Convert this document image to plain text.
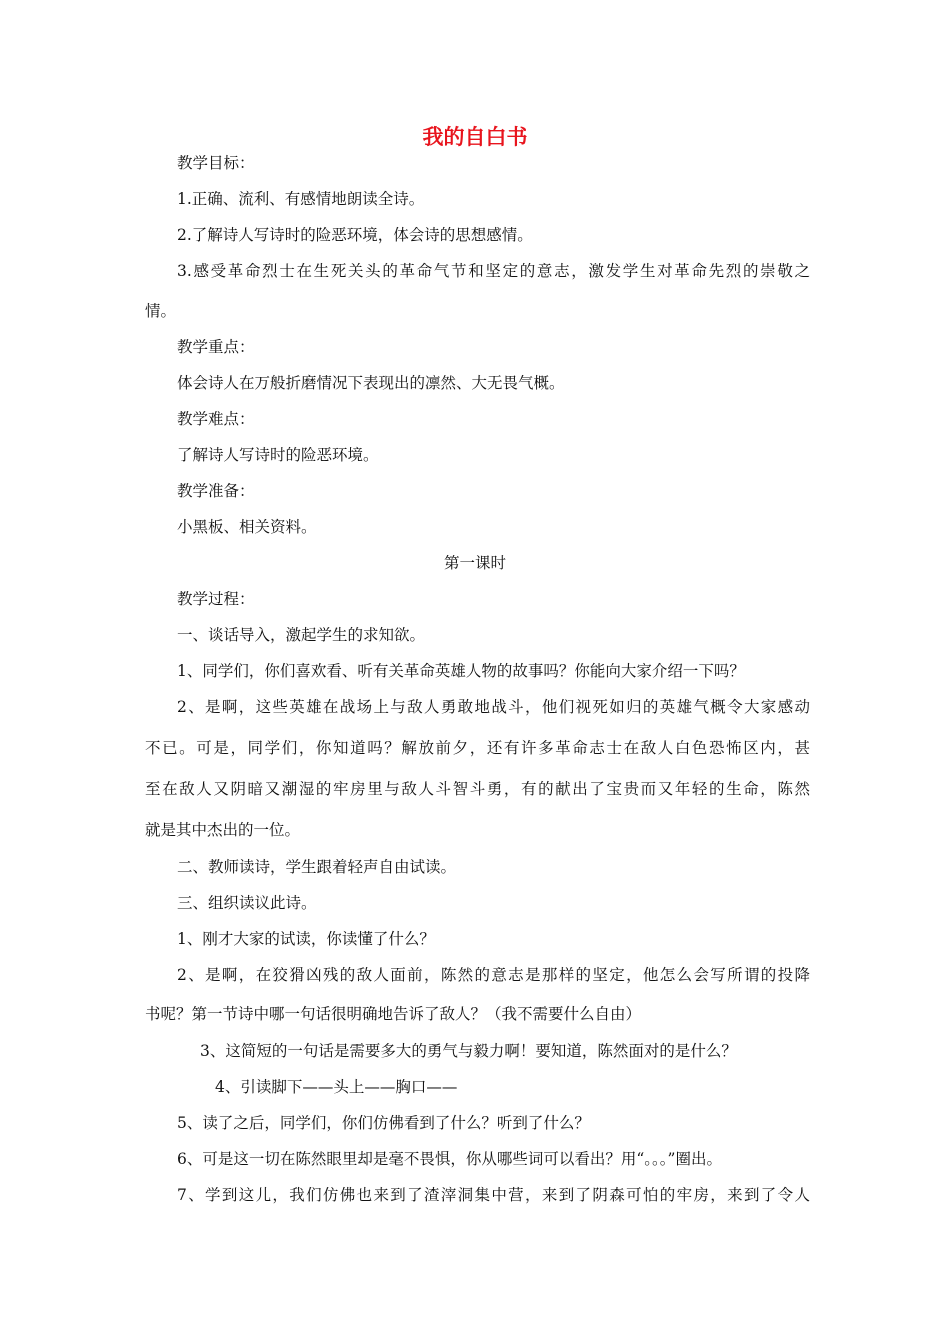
我的自白书
教学目标：
1.正确、流利、有感情地朗读全诗。
2.了解诗人写诗时的险恶环境，体会诗的思想感情。
3.感受革命烈士在生死关头的革命气节和坚定的意志，激发学生对革命先烈的崇敬之
情。
教学重点：
体会诗人在万般折磨情况下表现出的凛然、大无畏气概。
教学难点：
了解诗人写诗时的险恶环境。
教学准备：
小黑板、相关资料。
第一课时
教学过程：
一、谈话导入，激起学生的求知欲。
1、同学们，你们喜欢看、听有关革命英雄人物的故事吗？你能向大家介绍一下吗？
2、是啊，这些英雄在战场上与敌人勇敢地战斗，他们视死如归的英雄气概令大家感动
不已。可是，同学们，你知道吗？解放前夕，还有许多革命志士在敌人白色恐怖区内，甚
至在敌人又阴暗又潮湿的牢房里与敌人斗智斗勇，有的献出了宝贵而又年轻的生命，陈然
就是其中杰出的一位。
二、教师读诗，学生跟着轻声自由试读。
三、组织读议此诗。
1、刚才大家的试读，你读懂了什么？
2、是啊，在狡猾凶残的敌人面前，陈然的意志是那样的坚定，他怎么会写所谓的投降
书呢？第一节诗中哪一句话很明确地告诉了敌人？（我不需要什么自由）
3、这简短的一句话是需要多大的勇气与毅力啊！要知道，陈然面对的是什么？
4、引读脚下——头上——胸口——
5、读了之后，同学们，你们仿佛看到了什么？听到了什么？
6、可是这一切在陈然眼里却是毫不畏惧，你从哪些词可以看出？用“。。。”圈出。
7、学到这儿，我们仿佛也来到了渣滓洞集中营，来到了阴森可怕的牢房，来到了令人
